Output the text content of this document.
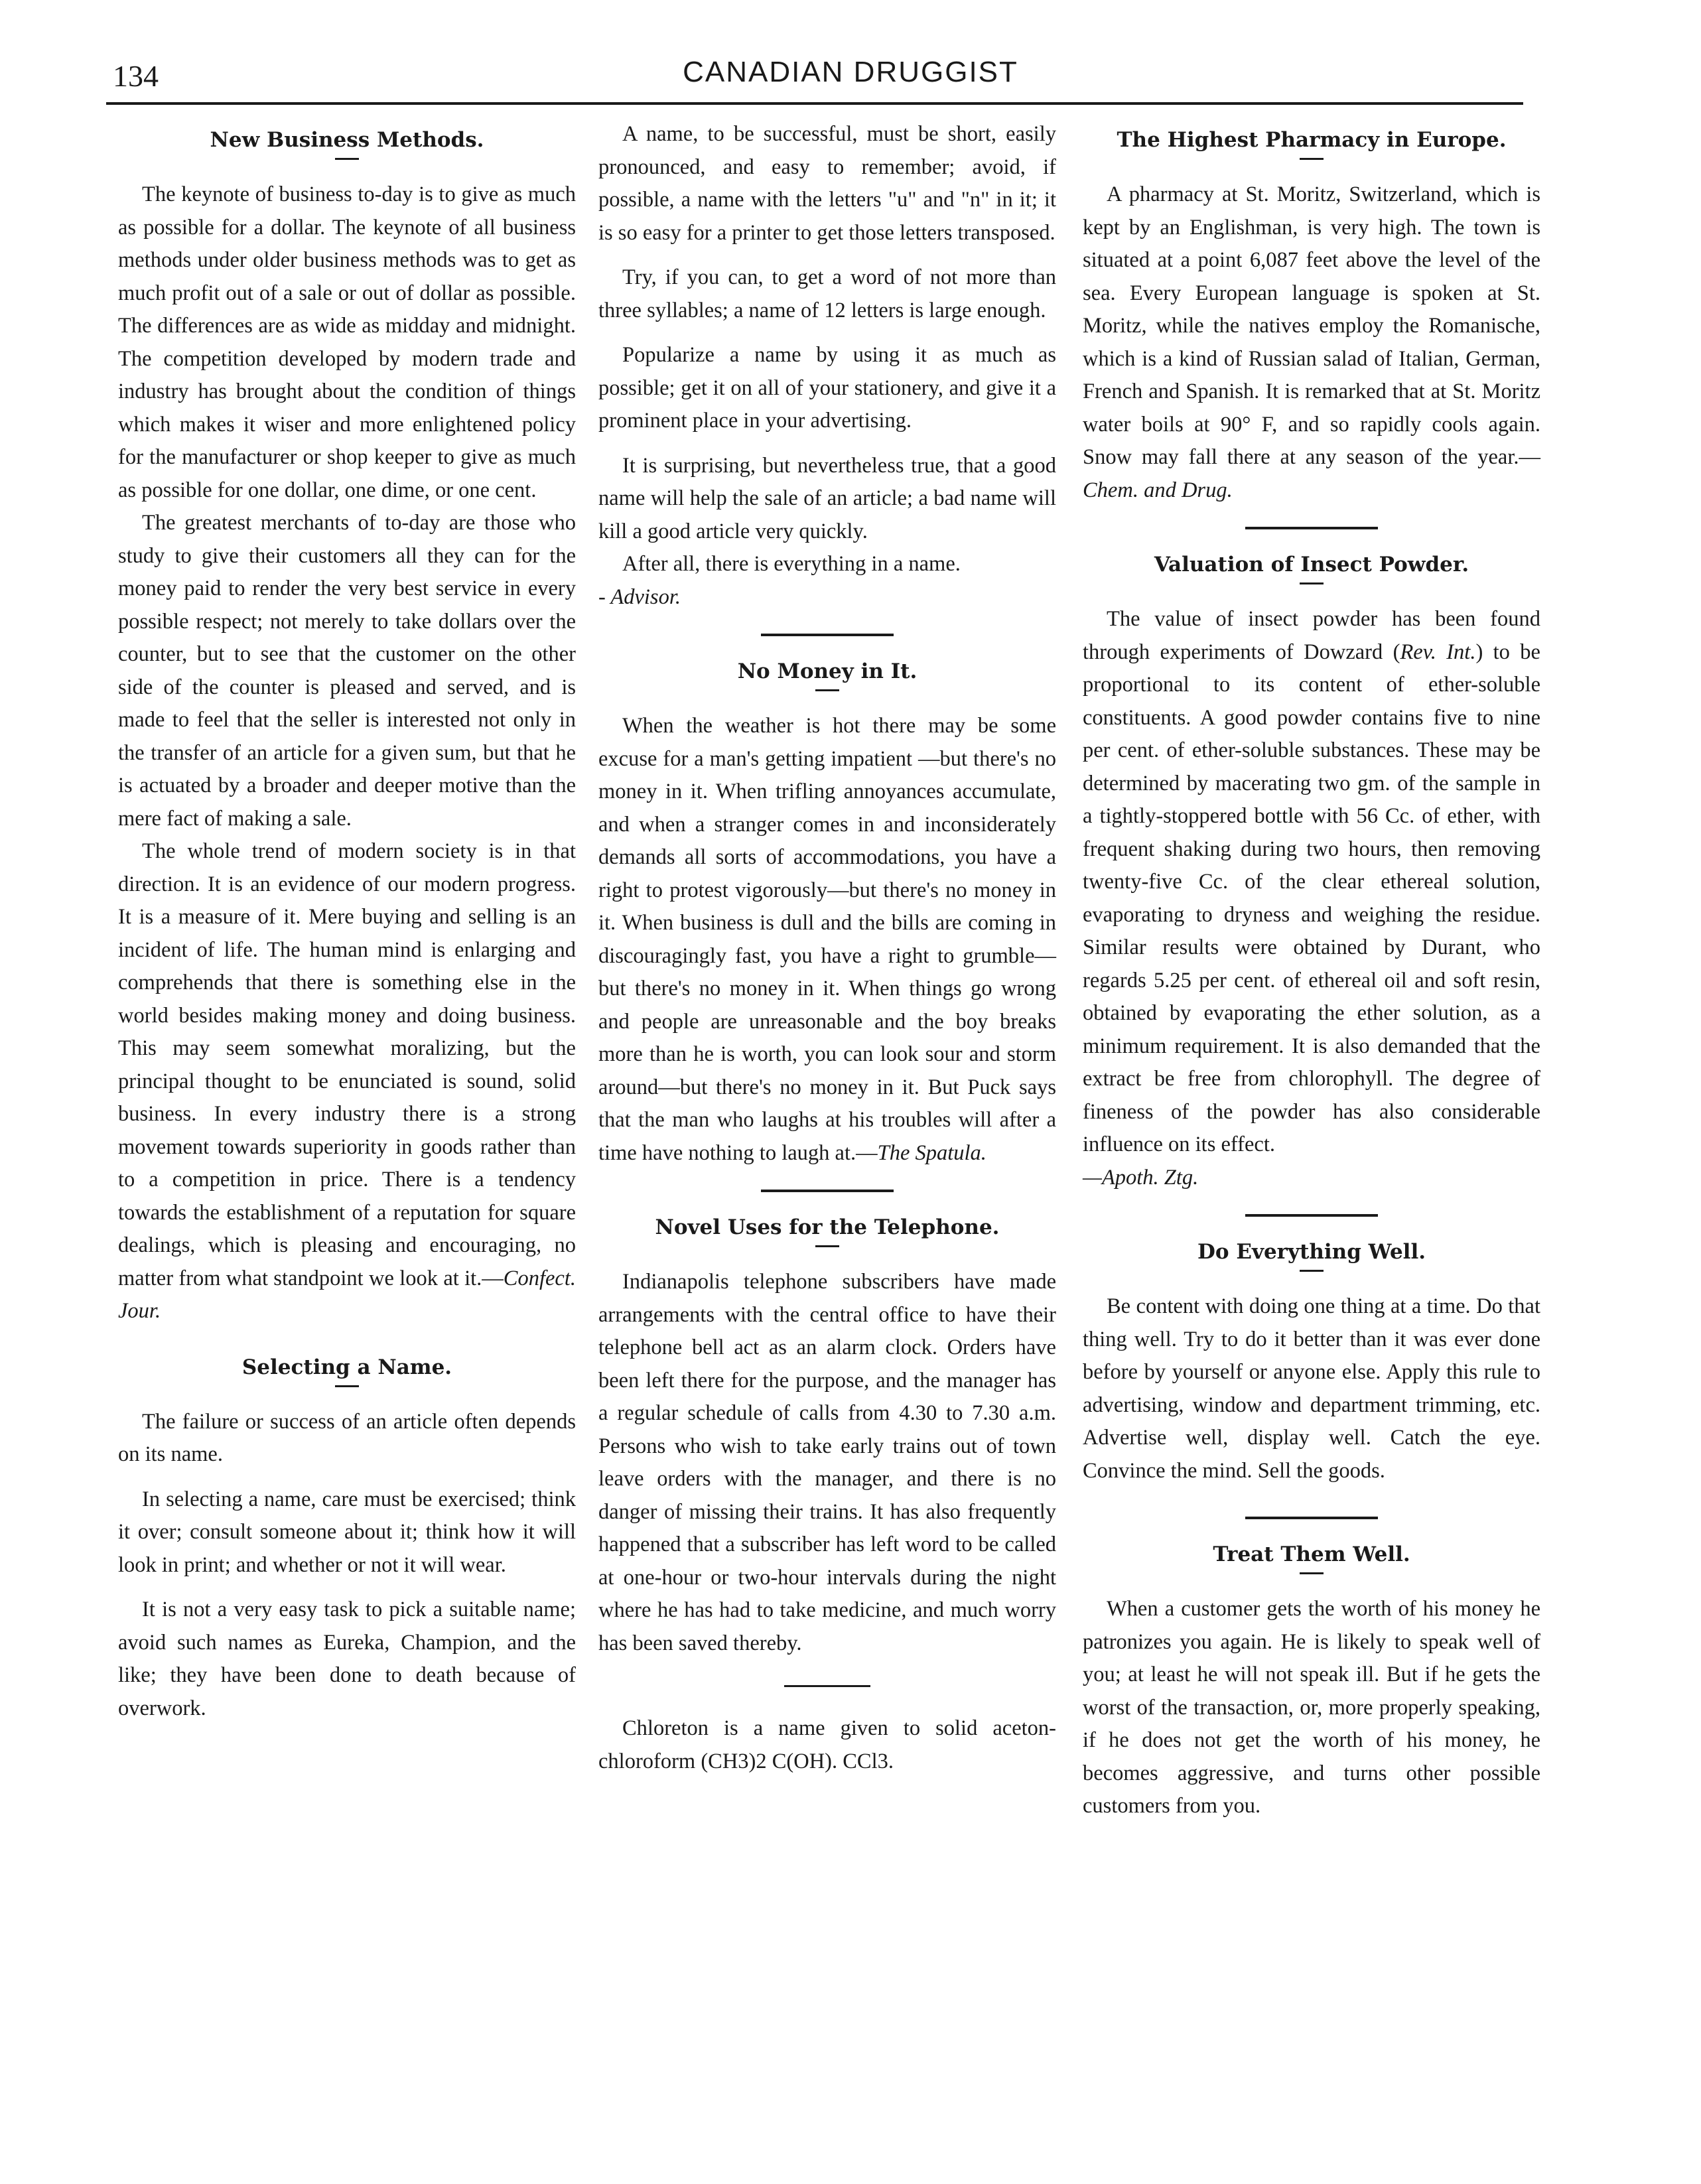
134	CANADIAN DRUGGIST
New Business Methods.

The keynote of business to-day is to give as much as possible for a dollar. The keynote of all business methods under older business methods was to get as much profit out of a sale or out of dollar as possible. The differences are as wide as midday and midnight. The competition developed by modern trade and industry has brought about the condition of things which makes it wiser and more enlightened policy for the manufacturer or shop keeper to give as much as possible for one dollar, one dime, or one cent.

The greatest merchants of to-day are those who study to give their customers all they can for the money paid to render the very best service in every possible respect; not merely to take dollars over the counter, but to see that the customer on the other side of the counter is pleased and served, and is made to feel that the seller is interested not only in the transfer of an article for a given sum, but that he is actuated by a broader and deeper motive than the mere fact of making a sale.

The whole trend of modern society is in that direction. It is an evidence of our modern progress. It is a measure of it. Mere buying and selling is an incident of life. The human mind is enlarging and comprehends that there is something else in the world besides making money and doing business. This may seem somewhat moralizing, but the principal thought to be enunciated is sound, solid business. In every industry there is a strong movement towards superiority in goods rather than to a competition in price. There is a tendency towards the establishment of a reputation for square dealings, which is pleasing and encouraging, no matter from what standpoint we look at it.—Confect. Jour.

Selecting a Name.

The failure or success of an article often depends on its name.

In selecting a name, care must be exercised; think it over; consult someone about it; think how it will look in print; and whether or not it will wear.

It is not a very easy task to pick a suitable name; avoid such names as Eureka, Champion, and the like; they have been done to death because of overwork.

A name, to be successful, must be short, easily pronounced, and easy to remember; avoid, if possible, a name with the letters "u" and "n" in it; it is so easy for a printer to get those letters transposed.

Try, if you can, to get a word of not more than three syllables; a name of 12 letters is large enough.

Popularize a name by using it as much as possible; get it on all of your stationery, and give it a prominent place in your advertising.

It is surprising, but nevertheless true, that a good name will help the sale of an article; a bad name will kill a good article very quickly.

After all, there is everything in a name.

- Advisor.

No Money in It.

When the weather is hot there may be some excuse for a man's getting impatient —but there's no money in it. When trifling annoyances accumulate, and when a stranger comes in and inconsiderately demands all sorts of accommodations, you have a right to protest vigorously—but there's no money in it. When business is dull and the bills are coming in discouragingly fast, you have a right to grumble—but there's no money in it. When things go wrong and people are unreasonable and the boy breaks more than he is worth, you can look sour and storm around—but there's no money in it. But Puck says that the man who laughs at his troubles will after a time have nothing to laugh at.—The Spatula.

Novel Uses for the Telephone.

Indianapolis telephone subscribers have made arrangements with the central office to have their telephone bell act as an alarm clock. Orders have been left there for the purpose, and the manager has a regular schedule of calls from 4.30 to 7.30 a.m. Persons who wish to take early trains out of town leave orders with the manager, and there is no danger of missing their trains. It has also frequently happened that a subscriber has left word to be called at one-hour or two-hour intervals during the night where he has had to take medicine, and much worry has been saved thereby.

Chloreton is a name given to solid aceton-chloroform (CH3)2 C(OH). CCl3.

The Highest Pharmacy in Europe.

A pharmacy at St. Moritz, Switzerland, which is kept by an Englishman, is very high. The town is situated at a point 6,087 feet above the level of the sea. Every European language is spoken at St. Moritz, while the natives employ the Romanische, which is a kind of Russian salad of Italian, German, French and Spanish. It is remarked that at St. Moritz water boils at 90° F, and so rapidly cools again. Snow may fall there at any season of the year.—Chem. and Drug.

Valuation of Insect Powder.

The value of insect powder has been found through experiments of Dowzard (Rev. Int.) to be proportional to its content of ether-soluble constituents. A good powder contains five to nine per cent. of ether-soluble substances. These may be determined by macerating two gm. of the sample in a tightly-stoppered bottle with 56 Cc. of ether, with frequent shaking during two hours, then removing twenty-five Cc. of the clear ethereal solution, evaporating to dryness and weighing the residue. Similar results were obtained by Durant, who regards 5.25 per cent. of ethereal oil and soft resin, obtained by evaporating the ether solution, as a minimum requirement. It is also demanded that the extract be free from chlorophyll. The degree of fineness of the powder has also considerable influence on its effect.

—Apoth. Ztg.

Do Everything Well.

Be content with doing one thing at a time. Do that thing well. Try to do it better than it was ever done before by yourself or anyone else. Apply this rule to advertising, window and department trimming, etc. Advertise well, display well. Catch the eye. Convince the mind. Sell the goods.

Treat Them Well.

When a customer gets the worth of his money he patronizes you again. He is likely to speak well of you; at least he will not speak ill. But if he gets the worst of the transaction, or, more properly speaking, if he does not get the worth of his money, he becomes aggressive, and turns other possible customers from you.
